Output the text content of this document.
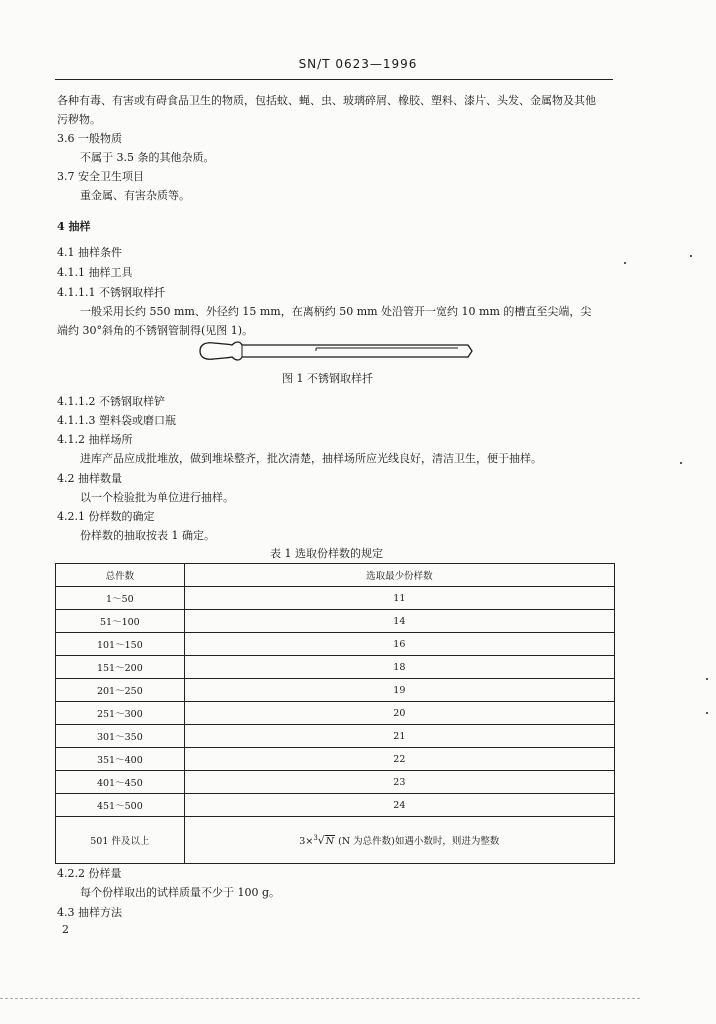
SN/T 0623—1996
各种有毒、有害或有碍食品卫生的物质，包括蚊、蝇、虫、玻璃碎屑、橡胶、塑料、漆片、头发、金属物及其他
污秽物。
3.6 一般物质
不属于 3.5 条的其他杂质。
3.7 安全卫生项目
重金属、有害杂质等。
4 抽样
4.1 抽样条件
4.1.1 抽样工具
4.1.1.1 不锈钢取样扦
一般采用长约 550 mm、外径约 15 mm，在离柄约 50 mm 处沿管开一宽约 10 mm 的槽直至尖端，尖
端约 30°斜角的不锈钢管制得(见图 1)。
图 1 不锈钢取样扦
4.1.1.2 不锈钢取样铲
4.1.1.3 塑料袋或磨口瓶
4.1.2 抽样场所
进库产品应成批堆放，做到堆垛整齐，批次清楚，抽样场所应光线良好，清洁卫生，便于抽样。
4.2 抽样数量
以一个检验批为单位进行抽样。
4.2.1 份样数的确定
份样数的抽取按表 1 确定。
表 1 选取份样数的规定
总件数	选取最少份样数
1～50	11
51～100	14
101～150	16
151～200	18
201～250	19
251～300	20
301～350	21
351～400	22
401～450	23
451～500	24
501 件及以上	3×$^3$√N (N 为总件数)如遇小数时，则进为整数
4.2.2 份样量
每个份样取出的试样质量不少于 100 g。
4.3 抽样方法
2
